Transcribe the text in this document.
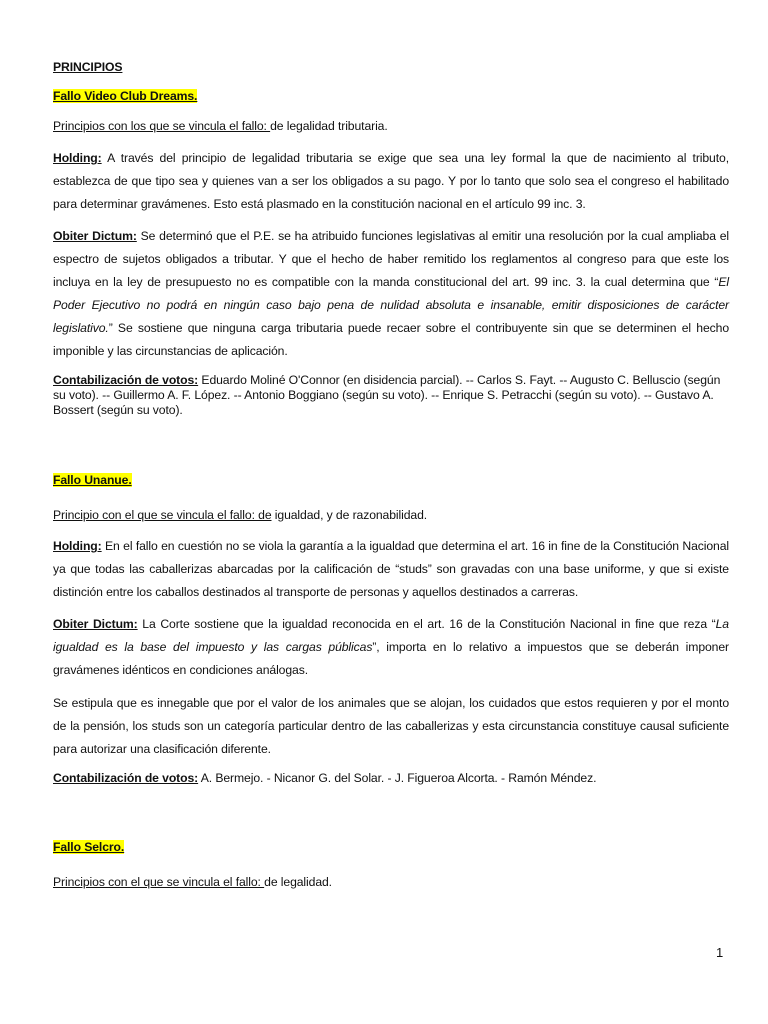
PRINCIPIOS

Fallo Video Club Dreams.

Principios con los que se vincula el fallo: de legalidad tributaria.

Holding: A través del principio de legalidad tributaria se exige que sea una ley formal la que de nacimiento al tributo, establezca de que tipo sea y quienes van a ser los obligados a su pago. Y por lo tanto que solo sea el congreso el habilitado para determinar gravámenes. Esto está plasmado en la constitución nacional en el artículo 99 inc. 3.

Obiter Dictum: Se determinó que el P.E. se ha atribuido funciones legislativas al emitir una resolución por la cual ampliaba el espectro de sujetos obligados a tributar. Y que el hecho de haber remitido los reglamentos al congreso para que este los incluya en la ley de presupuesto no es compatible con la manda constitucional del art. 99 inc. 3. la cual determina que “El Poder Ejecutivo no podrá en ningún caso bajo pena de nulidad absoluta e insanable, emitir disposiciones de carácter legislativo.” Se sostiene que ninguna carga tributaria puede recaer sobre el contribuyente sin que se determinen el hecho imponible y las circunstancias de aplicación.

Contabilización de votos: Eduardo Moliné O'Connor (en disidencia parcial). -- Carlos S. Fayt. -- Augusto C. Belluscio (según su voto). -- Guillermo A. F. López. -- Antonio Boggiano (según su voto). -- Enrique S. Petracchi (según su voto). -- Gustavo A. Bossert (según su voto).

Fallo Unanue.

Principio con el que se vincula el fallo: de igualdad, y de razonabilidad.

Holding: En el fallo en cuestión no se viola la garantía a la igualdad que determina el art. 16 in fine de la Constitución Nacional ya que todas las caballerizas abarcadas por la calificación de “studs” son gravadas con una base uniforme, y que si existe distinción entre los caballos destinados al transporte de personas y aquellos destinados a carreras.

Obiter Dictum: La Corte sostiene que la igualdad reconocida en el art. 16 de la Constitución Nacional in fine que reza “La igualdad es la base del impuesto y las cargas públicas”, importa en lo relativo a impuestos que se deberán imponer gravámenes idénticos en condiciones análogas.

Se estipula que es innegable que por el valor de los animales que se alojan, los cuidados que estos requieren y por el monto de la pensión, los studs son un categoría particular dentro de las caballerizas y esta circunstancia constituye causal suficiente para autorizar una clasificación diferente.

Contabilización de votos: A. Bermejo. - Nicanor G. del Solar. - J. Figueroa Alcorta. - Ramón Méndez.

Fallo Selcro.

Principios con el que se vincula el fallo: de legalidad.

1
